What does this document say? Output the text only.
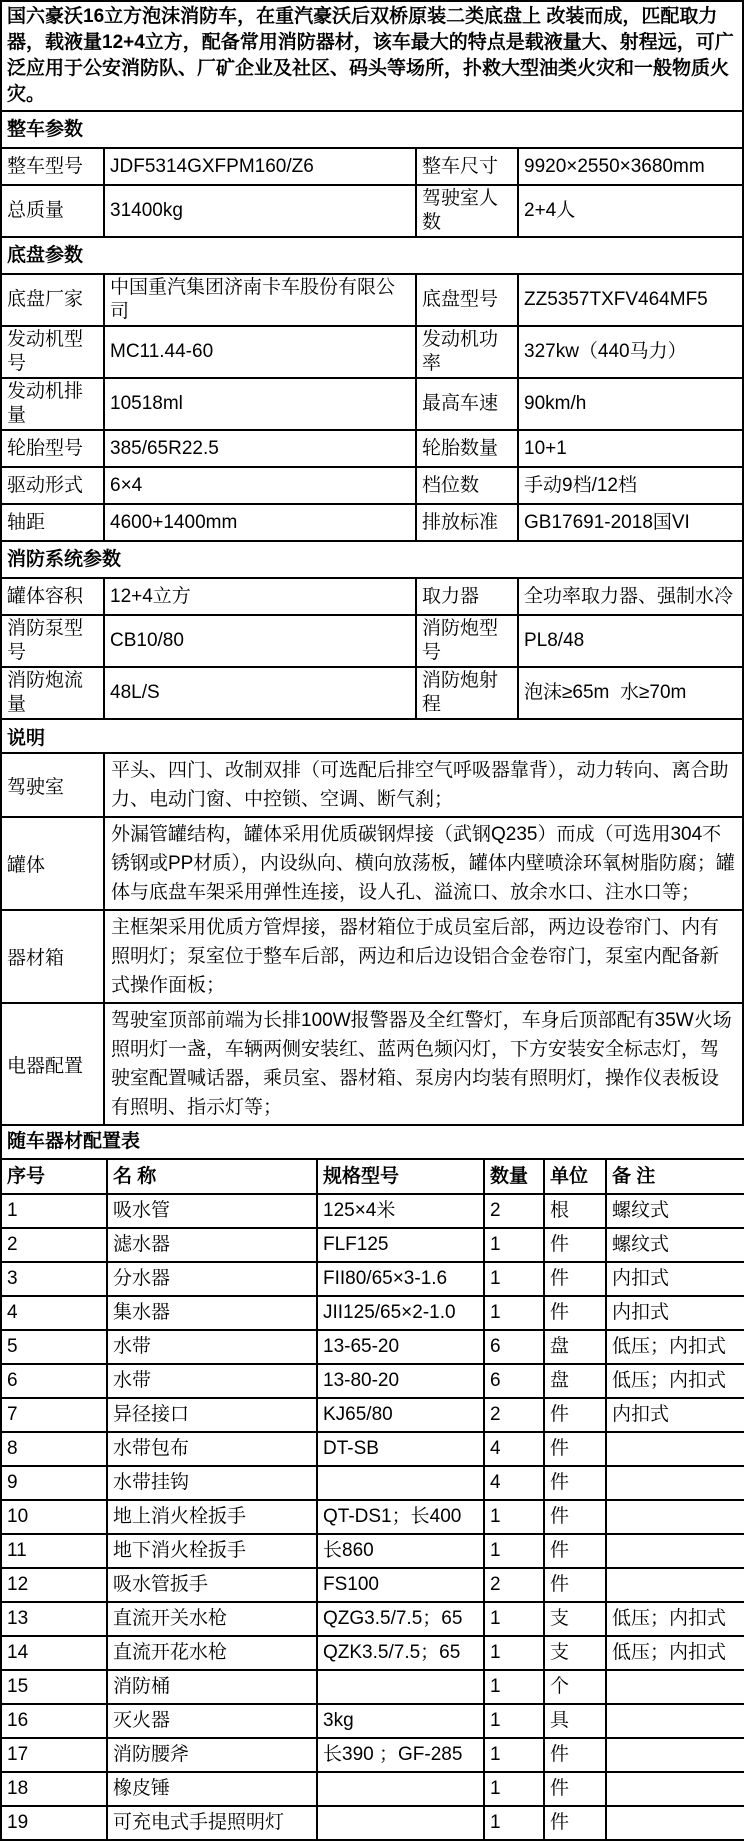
国六豪沃16立方泡沫消防车，在重汽豪沃后双桥原装二类底盘上 改装而成，匹配取力器，载液量12+4立方，配备常用消防器材，该车最大的特点是载液量大、射程远，可广泛应用于公安消防队、厂矿企业及社区、码头等场所，扑救大型油类火灾和一般物质火灾。
整车参数			
整车型号	JDF5314GXFPM160/Z6	整车尺寸	9920×2550×3680mm
总质量	31400kg	驾驶室人数	2+4人
底盘参数			
底盘厂家	中国重汽集团济南卡车股份有限公司	底盘型号	ZZ5357TXFV464MF5
发动机型号	MC11.44-60	发动机功率	327kw（440马力）
发动机排量	10518ml	最高车速	90km/h
轮胎型号	385/65R22.5	轮胎数量	10+1
驱动形式	6×4	档位数	手动9档/12档
轴距	4600+1400mm	排放标准	GB17691-2018国VI
消防系统参数			
罐体容积	12+4立方	取力器	全功率取力器、强制水冷
消防泵型号	CB10/80	消防炮型号	PL8/48
消防炮流量	48L/S	消防炮射程	泡沫≥65m  水≥70m
说明	
驾驶室	平头、四门、改制双排（可选配后排空气呼吸器靠背），动力转向、离合助力、电动门窗、中控锁、空调、断气刹；
罐体	外漏管罐结构，罐体采用优质碳钢焊接（武钢Q235）而成（可选用304不锈钢或PP材质），内设纵向、横向放荡板，罐体内壁喷涂环氧树脂防腐；罐体与底盘车架采用弹性连接，设人孔、溢流口、放余水口、注水口等；
器材箱	主框架采用优质方管焊接，器材箱位于成员室后部，两边设卷帘门、内有照明灯；泵室位于整车后部，两边和后边设铝合金卷帘门，泵室内配备新式操作面板；
电器配置	驾驶室顶部前端为长排100W报警器及全红警灯，车身后顶部配有35W火场照明灯一盏，车辆两侧安装红、蓝两色频闪灯，下方安装安全标志灯，驾驶室配置喊话器，乘员室、器材箱、泵房内均装有照明灯，操作仪表板设有照明、指示灯等；
随车器材配置表					
序号	名 称	规格型号	数量	单位	备 注
1	吸水管	125×4米	2	根	螺纹式
2	滤水器	FLF125	1	件	螺纹式
3	分水器	FII80/65×3-1.6	1	件	内扣式
4	集水器	JII125/65×2-1.0	1	件	内扣式
5	水带	13-65-20	6	盘	低压；内扣式
6	水带	13-80-20	6	盘	低压；内扣式
7	异径接口	KJ65/80	2	件	内扣式
8	水带包布	DT-SB	4	件	
9	水带挂钩		4	件	
10	地上消火栓扳手	QT-DS1；长400	1	件	
11	地下消火栓扳手	长860	1	件	
12	吸水管扳手	FS100	2	件	
13	直流开关水枪	QZG3.5/7.5；65	1	支	低压；内扣式
14	直流开花水枪	QZK3.5/7.5；65	1	支	低压；内扣式
15	消防桶		1	个	
16	灭火器	3kg	1	具	
17	消防腰斧	长390 ；GF-285	1	件	
18	橡皮锤		1	件	
19	可充电式手提照明灯		1	件	
